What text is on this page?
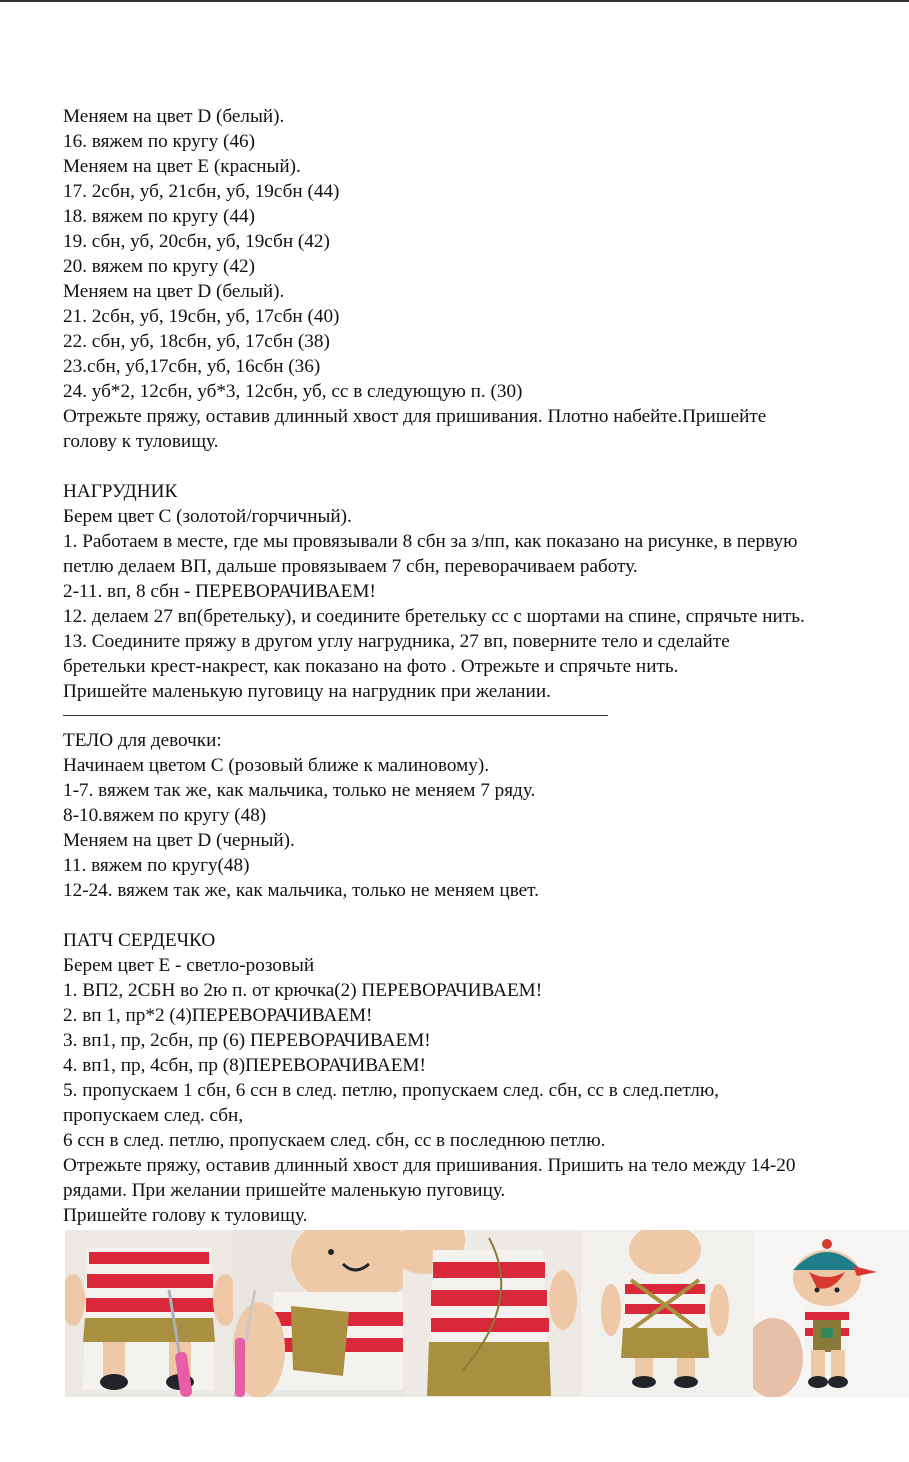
Меняем на цвет D (белый).
16. вяжем по кругу (46)
Меняем на цвет E (красный).
17. 2сбн, уб, 21сбн, уб, 19сбн (44)
18. вяжем по кругу (44)
19. сбн, уб, 20сбн, уб, 19сбн (42)
20. вяжем по кругу (42)
Меняем на цвет D (белый).
21. 2сбн, уб, 19сбн, уб, 17сбн (40)
22. сбн, уб, 18сбн, уб, 17сбн (38)
23.сбн, уб,17сбн, уб, 16сбн (36)
24. уб*2, 12сбн, уб*3, 12сбн, уб, сс в следующую п. (30)
Отрежьте пряжу, оставив длинный хвост для пришивания. Плотно набейте.Пришейте
голову к туловищу.
НАГРУДНИК
Берем цвет С (золотой/горчичный).
1. Работаем в месте, где мы провязывали 8 сбн за з/пп, как показано на рисунке, в первую
петлю делаем ВП, дальше провязываем 7 сбн, переворачиваем работу.
2-11. вп, 8 сбн - ПЕРЕВОРАЧИВАЕМ!
12. делаем 27 вп(бретельку), и соедините бретельку сс с шортами на спине, спрячьте нить.
13. Соедините пряжу в другом углу нагрудника, 27 вп, поверните тело и сделайте
бретельки крест-накрест, как показано на фото . Отрежьте и спрячьте нить.
Пришейте маленькую пуговицу на нагрудник при желании.
ТЕЛО для девочки:
Начинаем цветом С (розовый ближе к малиновому).
1-7. вяжем так же, как мальчика, только не меняем 7 ряду.
8-10.вяжем по кругу (48)
Меняем на цвет D (черный).
11. вяжем по кругу(48)
12-24. вяжем так же, как мальчика, только не меняем цвет.
ПАТЧ СЕРДЕЧКО
Берем цвет E - светло-розовый
1. ВП2, 2СБН во 2ю п. от крючка(2) ПЕРЕВОРАЧИВАЕМ!
2. вп 1, пр*2 (4)ПЕРЕВОРАЧИВАЕМ!
3. вп1, пр, 2сбн, пр (6) ПЕРЕВОРАЧИВАЕМ!
4. вп1, пр, 4сбн, пр (8)ПЕРЕВОРАЧИВАЕМ!
5. пропускаем 1 сбн, 6 ссн в след. петлю, пропускаем след. сбн, сс в след.петлю,
пропускаем след. сбн,
6 ссн в след. петлю, пропускаем след. сбн, сс в последнюю петлю.
Отрежьте пряжу, оставив длинный хвост для пришивания. Пришить на тело между 14-20
рядами. При желании пришейте маленькую пуговицу.
Пришейте голову к туловищу.
